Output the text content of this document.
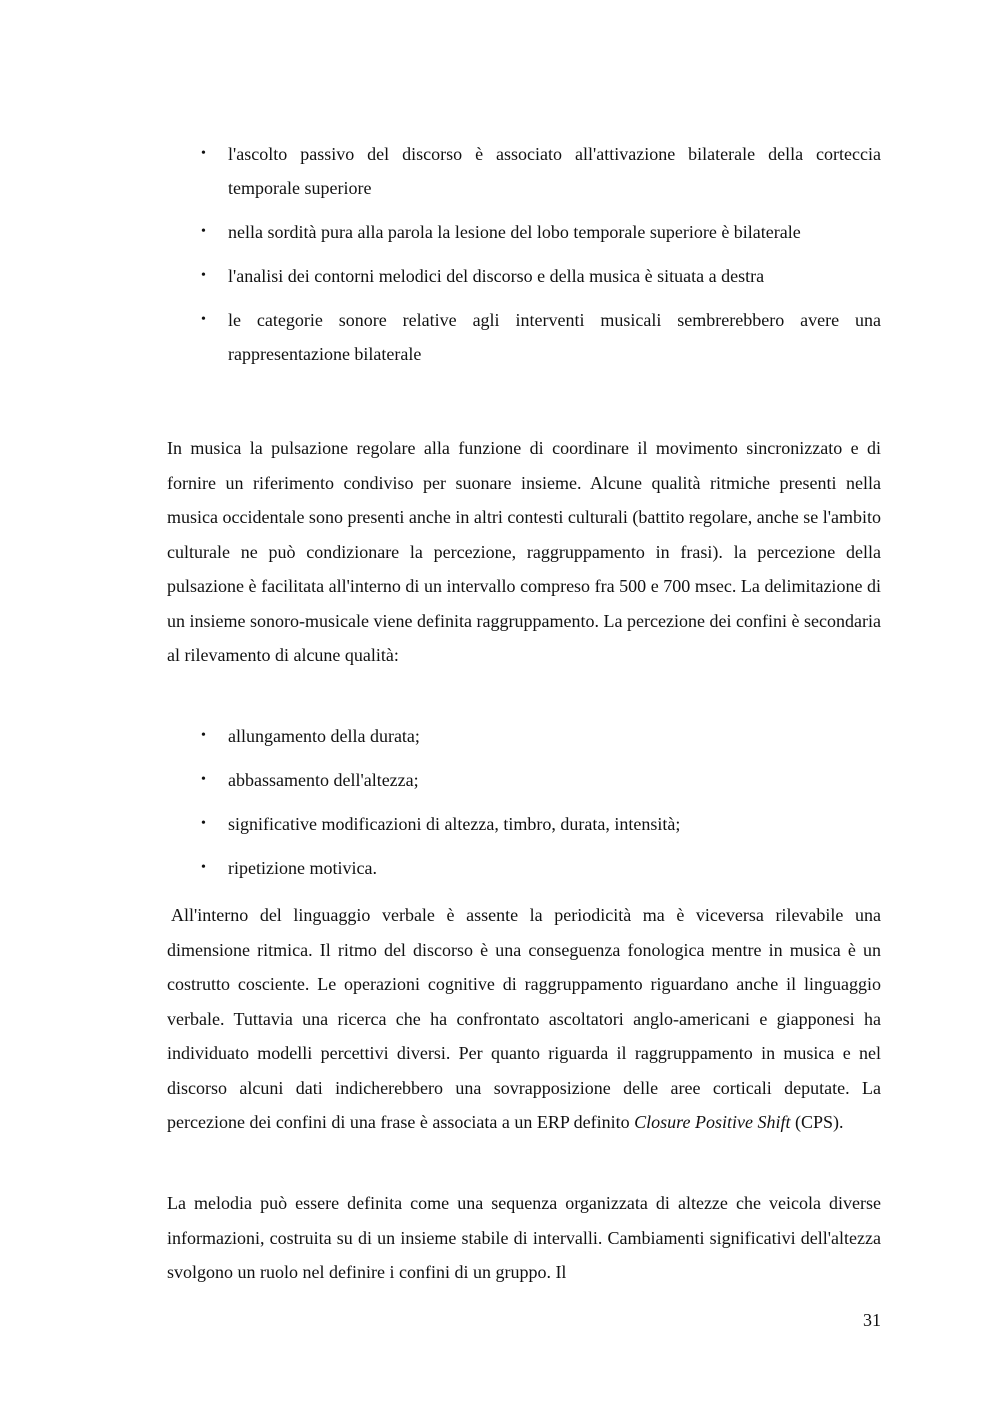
• l'ascolto passivo del discorso è associato all'attivazione bilaterale della corteccia temporale superiore
• nella sordità pura alla parola la lesione del lobo temporale superiore è bilaterale
• l'analisi dei contorni melodici del discorso e della musica è situata a destra
• le categorie sonore relative agli interventi musicali sembrerebbero avere una rappresentazione bilaterale

In musica la pulsazione regolare alla funzione di coordinare il movimento sincronizzato e di fornire un riferimento condiviso per suonare insieme. Alcune qualità ritmiche presenti nella musica occidentale sono presenti anche in altri contesti culturali (battito regolare, anche se l'ambito culturale ne può condizionare la percezione, raggruppamento in frasi). la percezione della pulsazione è facilitata all'interno di un intervallo compreso fra 500 e 700 msec. La delimitazione di un insieme sonoro-musicale viene definita raggruppamento. La percezione dei confini è secondaria al rilevamento di alcune qualità:

• allungamento della durata;
• abbassamento dell'altezza;
• significative modificazioni di altezza, timbro, durata, intensità;
• ripetizione motivica.

All'interno del linguaggio verbale è assente la periodicità ma è viceversa rilevabile una dimensione ritmica. Il ritmo del discorso è una conseguenza fonologica mentre in musica è un costrutto cosciente. Le operazioni cognitive di raggruppamento riguardano anche il linguaggio verbale. Tuttavia una ricerca che ha confrontato ascoltatori anglo-americani e giapponesi ha individuato modelli percettivi diversi. Per quanto riguarda il raggruppamento in musica e nel discorso alcuni dati indicherebbero una sovrapposizione delle aree corticali deputate. La percezione dei confini di una frase è associata a un ERP definito Closure Positive Shift (CPS).

La melodia può essere definita come una sequenza organizzata di altezze che veicola diverse informazioni, costruita su di un insieme stabile di intervalli. Cambiamenti significativi dell'altezza svolgono un ruolo nel definire i confini di un gruppo. Il

31
